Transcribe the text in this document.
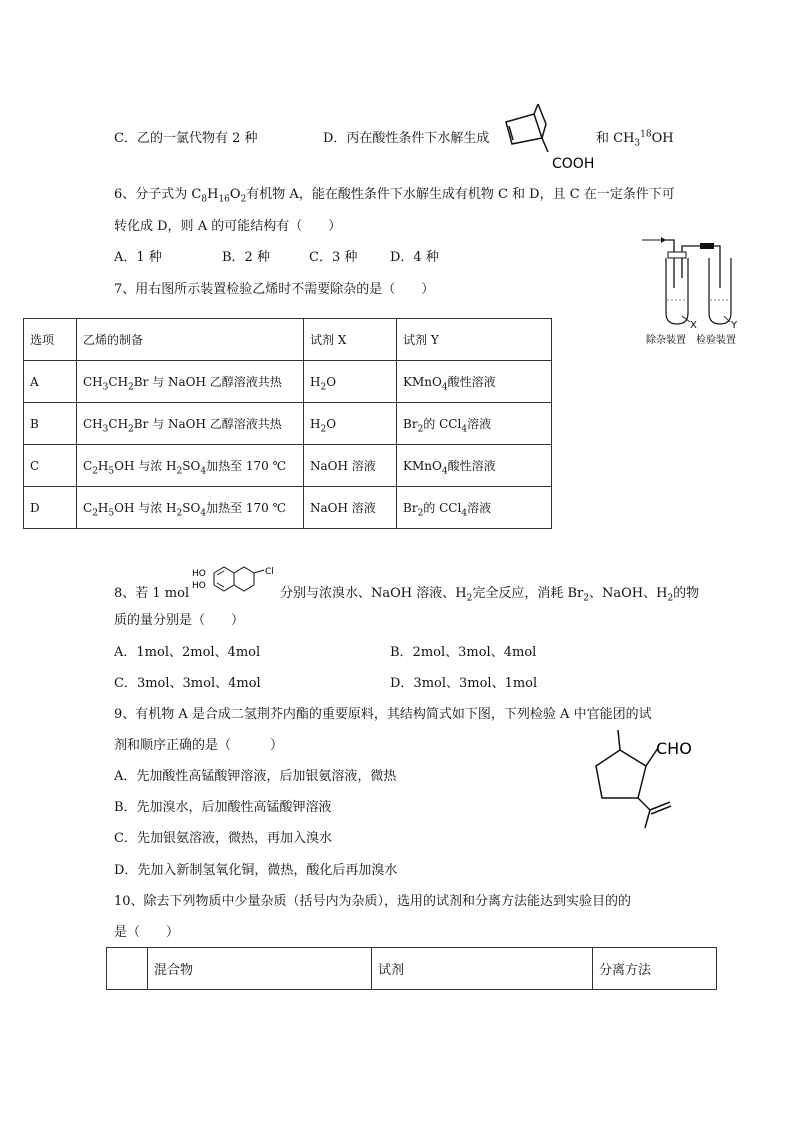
C．乙的一氯代物有 2 种	D．丙在酸性条件下水解生成
COOH
和 $CH_3^{18}OH$
6、分子式为 $C_8H_{16}O_2$有机物 A，能在酸性条件下水解生成有机物 C 和 D，且 C 在一定条件下可
转化成 D，则 A 的可能结构有（　　）
A．1 种	B．2 种	C．3 种	D．4 种
X	Y
除杂装置 检验装置
7、用右图所示装置检验乙烯时不需要除杂的是（　　）
选项	乙烯的制备	试剂 X	试剂 Y
A	$CH_3CH_2Br$ 与 NaOH 乙醇溶液共热	$H_2O$	KMnO$_4$酸性溶液
B	$CH_3CH_2Br$ 与 NaOH 乙醇溶液共热	$H_2O$	$Br_2$的 CCl$_4$溶液
C	$C_2H_5OH$ 与浓 $H_2SO_4$加热至 170 ℃	NaOH 溶液	KMnO$_4$酸性溶液
D	$C_2H_5OH$ 与浓 $H_2SO_4$加热至 170 ℃	NaOH 溶液	$Br_2$的 CCl$_4$溶液
8、若 1 mol
HO
HO
Cl
分别与浓溴水、NaOH 溶液、$H_2$完全反应，消耗 $Br_2$、NaOH、$H_2$的物
质的量分别是（　　）
A．1mol、2mol、4mol	B．2mol、3mol、4mol
C．3mol、3mol、4mol	D．3mol、3mol、1mol
9、有机物 A 是合成二氢荆芥内酯的重要原料，其结构简式如下图，下列检验 A 中官能团的试
剂和顺序正确的是（　　　）	CHO
A．先加酸性高锰酸钾溶液，后加银氨溶液，微热
B．先加溴水，后加酸性高锰酸钾溶液
C．先加银氨溶液，微热，再加入溴水
D．先加入新制氢氧化铜，微热，酸化后再加溴水
10、除去下列物质中少量杂质（括号内为杂质），选用的试剂和分离方法能达到实验目的的
是（　　）
	混合物	试剂	分离方法
